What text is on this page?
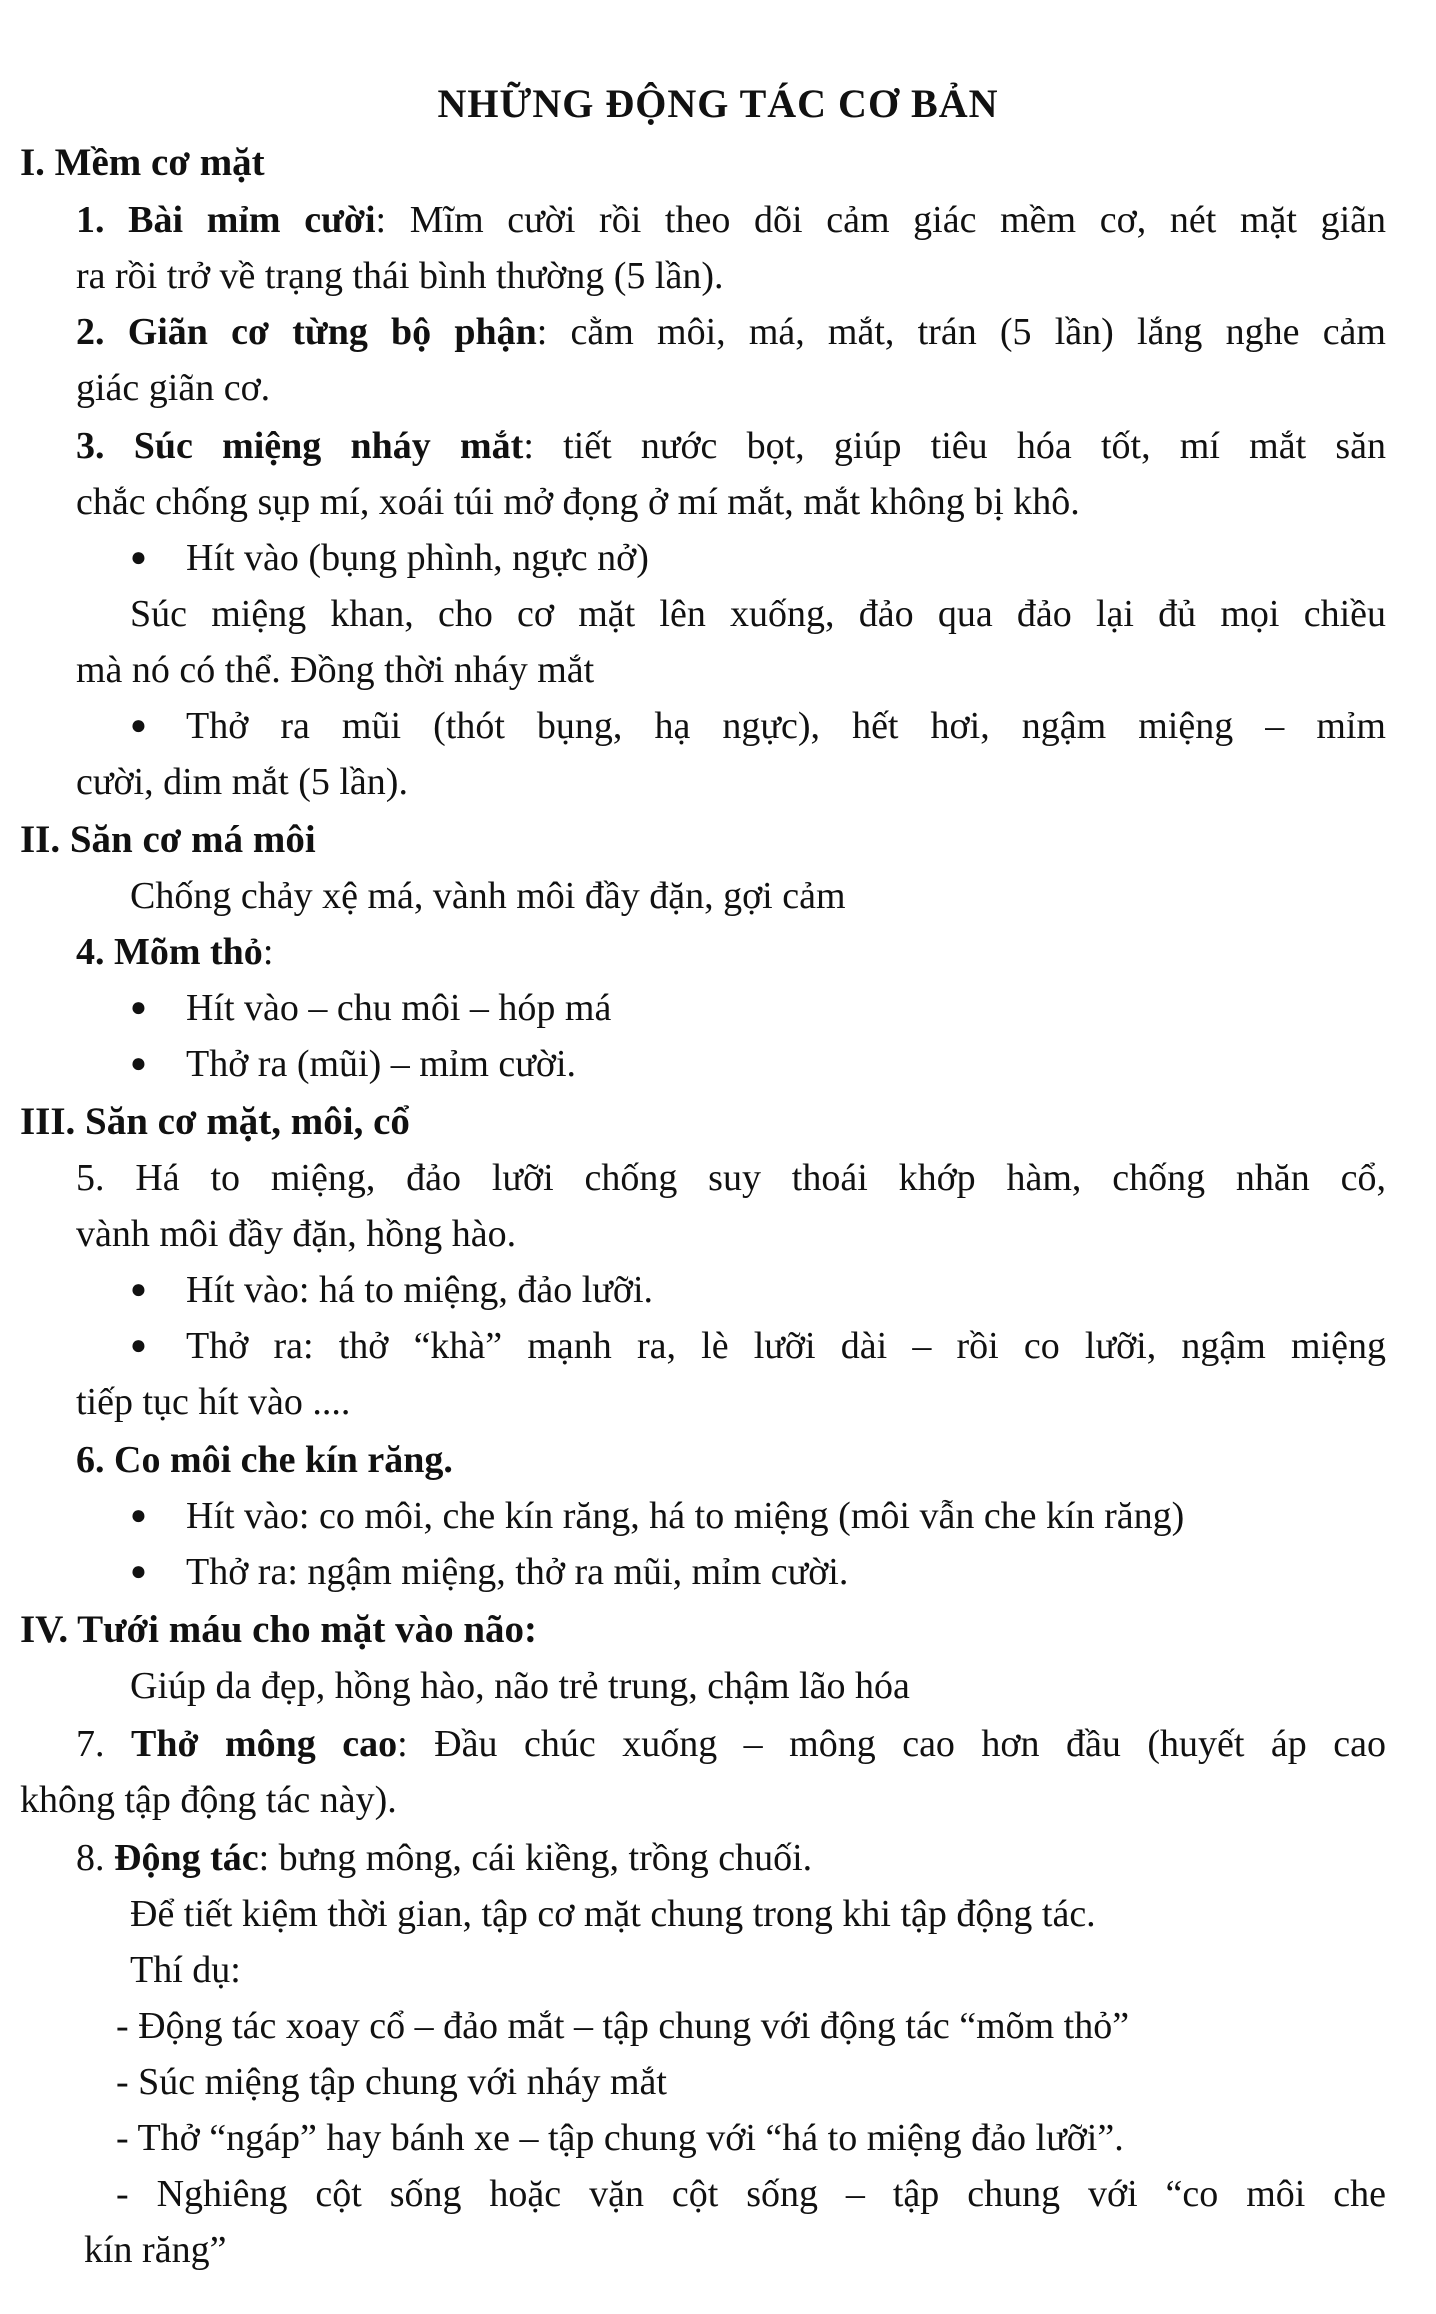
NHỮNG ĐỘNG TÁC CƠ BẢN
I. Mềm cơ mặt
1. Bài mỉm cười: Mĩm cười rồi theo dõi cảm giác mềm cơ, nét mặt giãn
ra rồi trở về trạng thái bình thường (5 lần).
2. Giãn cơ từng bộ phận: cằm môi, má, mắt, trán (5 lần) lắng nghe cảm
giác giãn cơ.
3. Súc miệng nháy mắt: tiết nước bọt, giúp tiêu hóa tốt, mí mắt săn
chắc chống sụp mí, xoái túi mở đọng ở mí mắt, mắt không bị khô.
● Hít vào (bụng phình, ngực nở)
Súc miệng khan, cho cơ mặt lên xuống, đảo qua đảo lại đủ mọi chiều
mà nó có thể. Đồng thời nháy mắt
● Thở ra mũi (thót bụng, hạ ngực), hết hơi, ngậm miệng – mỉm
cười, dim mắt (5 lần).
II. Săn cơ má môi
Chống chảy xệ má, vành môi đầy đặn, gợi cảm
4. Mõm thỏ:
● Hít vào – chu môi – hóp má
● Thở ra (mũi) – mỉm cười.
III. Săn cơ mặt, môi, cổ
5. Há to miệng, đảo lưỡi chống suy thoái khớp hàm, chống nhăn cổ,
vành môi đầy đặn, hồng hào.
● Hít vào: há to miệng, đảo lưỡi.
● Thở ra: thở “khà” mạnh ra, lè lưỡi dài – rồi co lưỡi, ngậm miệng
tiếp tục hít vào ....
6. Co môi che kín răng.
● Hít vào: co môi, che kín răng, há to miệng (môi vẫn che kín răng)
● Thở ra: ngậm miệng, thở ra mũi, mỉm cười.
IV. Tưới máu cho mặt vào não:
Giúp da đẹp, hồng hào, não trẻ trung, chậm lão hóa
7. Thở mông cao: Đầu chúc xuống – mông cao hơn đầu (huyết áp cao
không tập động tác này).
8. Động tác: bưng mông, cái kiềng, trồng chuối.
Để tiết kiệm thời gian, tập cơ mặt chung trong khi tập động tác.
Thí dụ:
- Động tác xoay cổ – đảo mắt – tập chung với động tác “mõm thỏ”
- Súc miệng tập chung với nháy mắt
- Thở “ngáp” hay bánh xe – tập chung với “há to miệng đảo lưỡi”.
- Nghiêng cột sống hoặc vặn cột sống – tập chung với “co môi che
kín răng”
